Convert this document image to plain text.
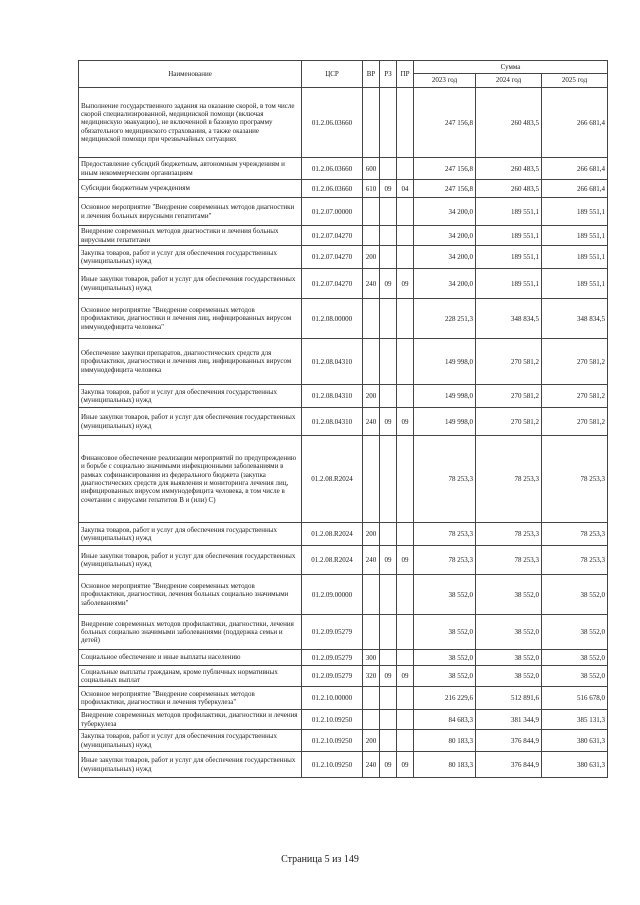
Наименование	ЦСР	ВР	РЗ	ПР	Сумма		
					2023 год	2024 год	2025 год
Выполнение государственного задания на оказание скорой, в том числе скорой специализированной, медицинской помощи (включая медицинскую эвакуацию), не включенной в базовую программу обязательного медицинского страхования, а также оказание медицинской помощи при чрезвычайных ситуациях	01.2.06.03660				247 156,8	260 483,5	266 681,4
Предоставление субсидий бюджетным, автономным учреждениям и иным некоммерческим организациям	01.2.06.03660	600			247 156,8	260 483,5	266 681,4
Субсидии бюджетным учреждениям	01.2.06.03660	610	09	04	247 156,8	260 483,5	266 681,4
Основное мероприятие "Внедрение современных методов диагностики и лечения больных вирусными гепатитами"	01.2.07.00000				34 200,0	189 551,1	189 551,1
Внедрение современных методов диагностики и лечения больных вирусными гепатитами	01.2.07.04270				34 200,0	189 551,1	189 551,1
Закупка товаров, работ и услуг для обеспечения государственных (муниципальных) нужд	01.2.07.04270	200			34 200,0	189 551,1	189 551,1
Иные закупки товаров, работ и услуг для обеспечения государственных (муниципальных) нужд	01.2.07.04270	240	09	09	34 200,0	189 551,1	189 551,1
Основное мероприятие "Внедрение современных методов профилактики, диагностики и лечения лиц, инфицированных вирусом иммунодефицита человека"	01.2.08.00000				228 251,3	348 834,5	348 834,5
Обеспечение закупки препаратов, диагностических средств для профилактики, диагностики и лечения лиц, инфицированных вирусом иммунодефицита человека	01.2.08.04310				149 998,0	270 581,2	270 581,2
Закупка товаров, работ и услуг для обеспечения государственных (муниципальных) нужд	01.2.08.04310	200			149 998,0	270 581,2	270 581,2
Иные закупки товаров, работ и услуг для обеспечения государственных (муниципальных) нужд	01.2.08.04310	240	09	09	149 998,0	270 581,2	270 581,2
Финансовое обеспечение реализации мероприятий по предупреждению и борьбе с социально значимыми инфекционными заболеваниями в рамках софинансирования из федерального бюджета (закупка диагностических средств для выявления и мониторинга лечения лиц, инфицированных вирусом иммунодефицита человека, в том числе в сочетании с вирусами гепатитов B и (или) C)	01.2.08.R2024				78 253,3	78 253,3	78 253,3
Закупка товаров, работ и услуг для обеспечения государственных (муниципальных) нужд	01.2.08.R2024	200			78 253,3	78 253,3	78 253,3
Иные закупки товаров, работ и услуг для обеспечения государственных (муниципальных) нужд	01.2.08.R2024	240	09	09	78 253,3	78 253,3	78 253,3
Основное мероприятие "Внедрение современных методов профилактики, диагностики, лечения больных социально значимыми заболеваниями"	01.2.09.00000				38 552,0	38 552,0	38 552,0
Внедрение современных методов профилактики, диагностики, лечения больных социально значимыми заболеваниями (поддержка семьи и детей)	01.2.09.05279				38 552,0	38 552,0	38 552,0
Социальное обеспечение и иные выплаты населению	01.2.09.05279	300			38 552,0	38 552,0	38 552,0
Социальные выплаты гражданам, кроме публичных нормативных социальных выплат	01.2.09.05279	320	09	09	38 552,0	38 552,0	38 552,0
Основное мероприятие "Внедрение современных методов профилактики, диагностики и лечения туберкулеза"	01.2.10.00000				216 229,6	512 891,6	516 678,0
Внедрение современных методов профилактики, диагностики и лечения туберкулеза	01.2.10.09250				84 683,3	381 344,9	385 131,3
Закупка товаров, работ и услуг для обеспечения государственных (муниципальных) нужд	01.2.10.09250	200			80 183,3	376 844,9	380 631,3
Иные закупки товаров, работ и услуг для обеспечения государственных (муниципальных) нужд	01.2.10.09250	240	09	09	80 183,3	376 844,9	380 631,3
Страница 5 из 149
